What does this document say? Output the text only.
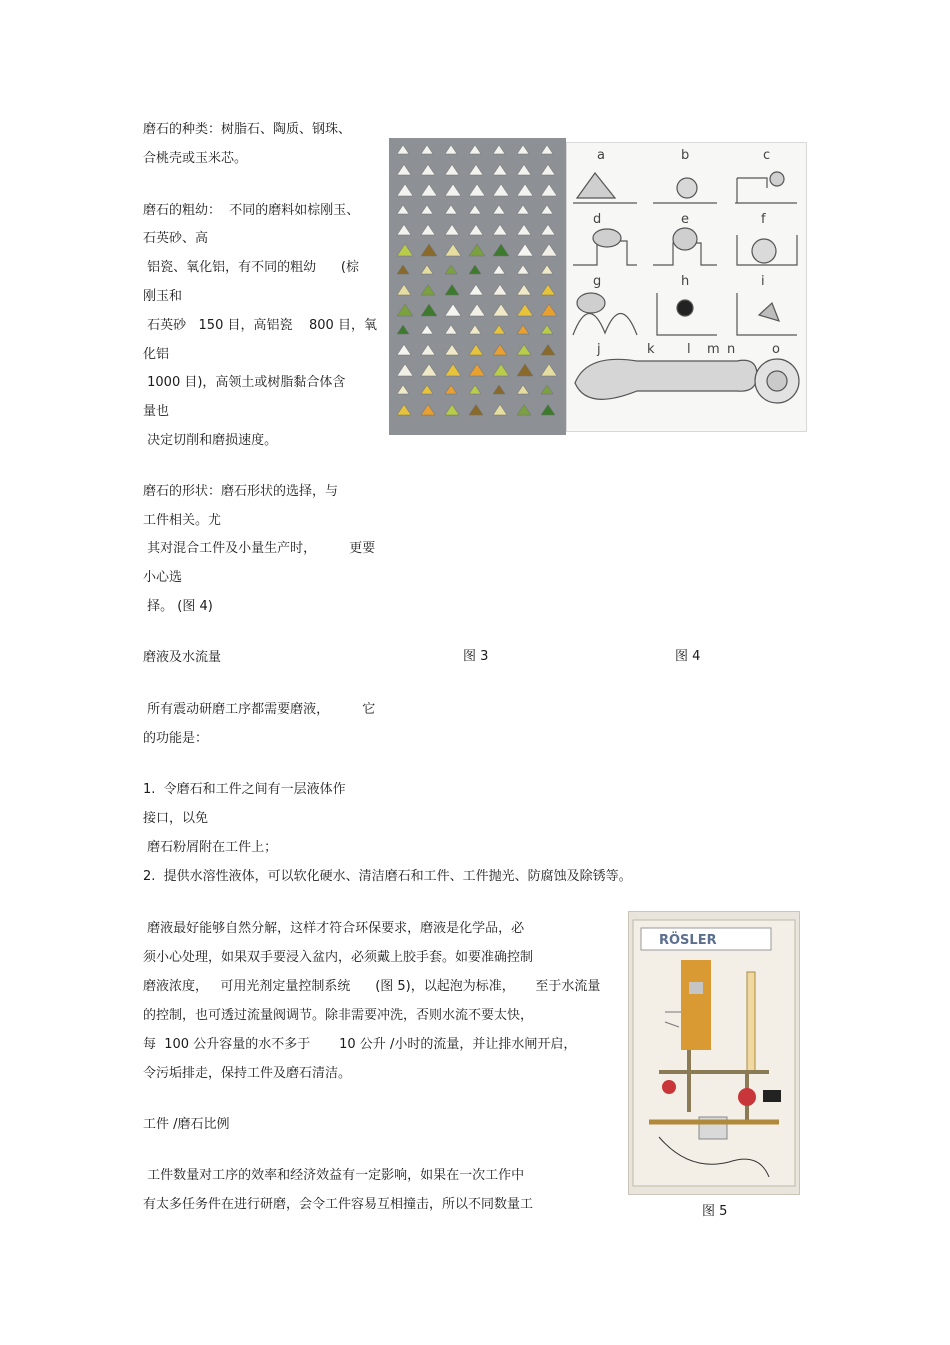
磨石的种类：树脂石、陶质、钢珠、
合桃壳或玉米芯。
磨石的粗幼：  不同的磨料如棕刚玉、
石英砂、高
铝瓷、氧化铝，有不同的粗幼      (棕
刚玉和
石英砂   150 目，高铝瓷    800 目，氧
化铝
1000 目)，高领土或树脂黏合体含
量也
决定切削和磨损速度。
磨石的形状：磨石形状的选择，与
工件相关。尤
其对混合工件及小量生产时，        更要
小心选
择。 (图 4)
磨液及水流量	图 3	图 4
所有震动研磨工序都需要磨液，        它
的功能是：
1.  令磨石和工件之间有一层液体作
接口，以免
磨石粉屑附在工件上；
2.  提供水溶性液体，可以软化硬水、清洁磨石和工件、工件抛光、防腐蚀及除锈等。
磨液最好能够自然分解，这样才符合环保要求，磨液是化学品，必
须小心处理，如果双手要浸入盆内，必须戴上胶手套。如要准确控制
磨液浓度，   可用光剂定量控制系统      (图 5)，以起泡为标准，     至于水流量
的控制，也可透过流量阀调节。除非需要冲洗，否则水流不要太快，
每  100 公升容量的水不多于       10 公升 /小时的流量，并让排水闸开启，
令污垢排走，保持工件及磨石清洁。
工件 /磨石比例
工件数量对工序的效率和经济效益有一定影响，如果在一次工作中
有太多任务件在进行研磨，会令工件容易互相撞击，所以不同数量工	图 5
a	b	c
d	e	f
g	h	i
j	k l m n	o
RÖSLER
